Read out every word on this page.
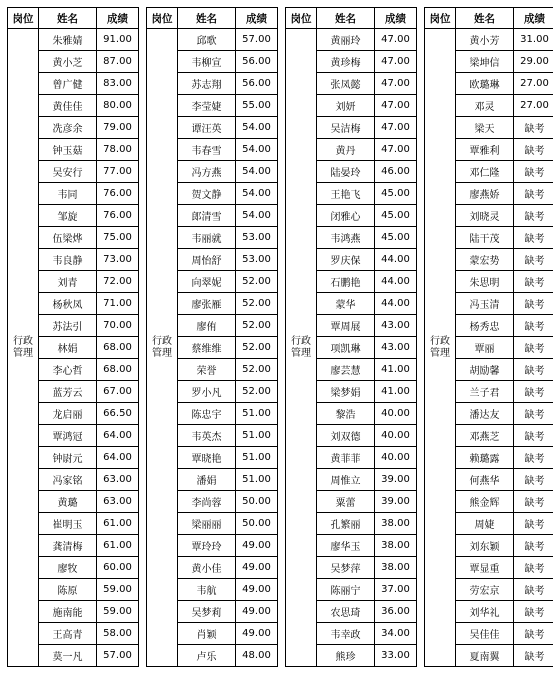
岗位	姓名	成绩
朱雅婧	91.00
黄小芝	87.00
曾广健	83.00
黄佳佳	80.00
冼彦余	79.00
钟玉菇	78.00
吴安行	77.00
韦同	76.00
邹旋	76.00
伍梁烨	75.00
韦良静	73.00
刘青	72.00
杨秋凤	71.00
苏法引	70.00
林娟	68.00
李心哲	68.00
蓝芳云	67.00
龙启丽	66.50
覃鸿冠	64.00
钟尉元	64.00
冯家铭	63.00
黄璐	63.00
崔明玉	61.00
龚清梅	61.00
廖牧	60.00
陈原	59.00
施南能	59.00
王高青	58.00
莫一凡	57.00
行政管理
岗位	姓名	成绩
邱歌	57.00
韦柳宣	56.00
苏志翔	56.00
李莹婕	55.00
谭汪英	54.00
韦春雪	54.00
冯方燕	54.00
贺文静	54.00
郎清雪	54.00
韦丽就	53.00
周怡舒	53.00
向翠妮	52.00
廖张雁	52.00
廖侑	52.00
蔡维维	52.00
荣誉	52.00
罗小凡	52.00
陈忠宇	51.00
韦英杰	51.00
覃晓艳	51.00
潘娟	51.00
李尚蓉	50.00
梁丽丽	50.00
覃玲玲	49.00
黄小佳	49.00
韦航	49.00
吴梦莉	49.00
肖颖	49.00
卢乐	48.00
行政管理
岗位	姓名	成绩
黄丽玲	47.00
黄珍梅	47.00
张凤懿	47.00
刘妍	47.00
吴洁梅	47.00
黄丹	47.00
陆晏玲	46.00
王艳飞	45.00
闭雅心	45.00
韦鸿燕	45.00
罗庆保	44.00
石鹏艳	44.00
蒙华	44.00
覃周展	43.00
项凯琳	43.00
廖芸慧	41.00
梁梦娟	41.00
黎浩	40.00
刘双德	40.00
黄菲菲	40.00
周惟立	39.00
粟蕾	39.00
孔繁丽	38.00
廖华玉	38.00
吴梦萍	38.00
陈丽宁	37.00
农思琦	36.00
韦幸政	34.00
熊珍	33.00
行政管理
岗位	姓名	成绩
黄小芳	31.00
梁坤信	29.00
欧璐琳	27.00
邓灵	27.00
梁天	缺考
覃雅利	缺考
邓仁隆	缺考
廖燕娇	缺考
刘晓灵	缺考
陆干茂	缺考
蒙宏势	缺考
朱思明	缺考
冯玉清	缺考
杨秀忠	缺考
覃丽	缺考
胡励馨	缺考
兰子君	缺考
潘达友	缺考
邓燕芝	缺考
赖璐露	缺考
何燕华	缺考
熊金辉	缺考
周婕	缺考
刘东颖	缺考
覃显重	缺考
劳宏京	缺考
刘华礼	缺考
吴佳佳	缺考
夏南翼	缺考
行政管理
